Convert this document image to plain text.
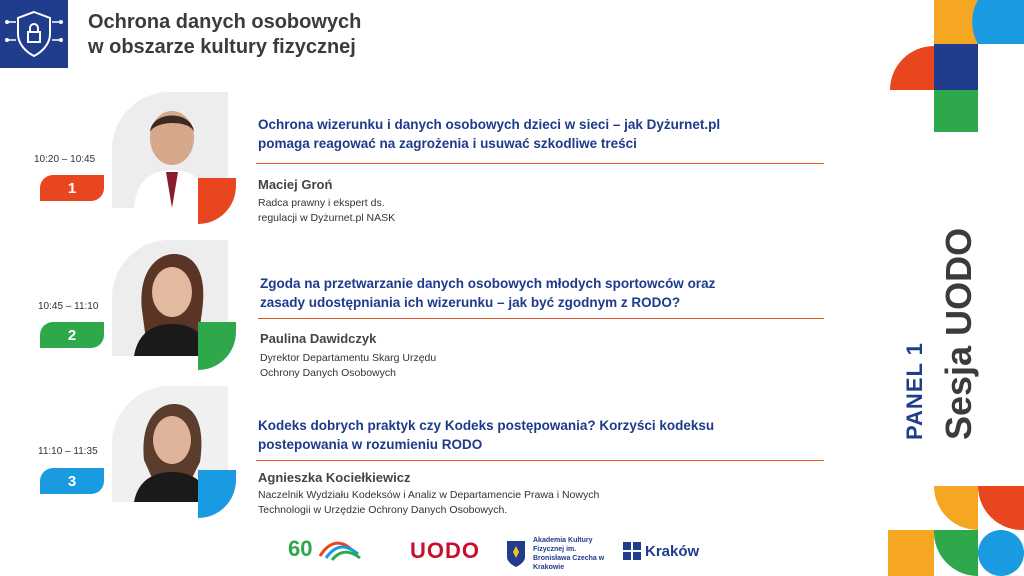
Ochrona danych osobowych
w obszarze kultury fizycznej
PANEL 1 Sesja UODO
10:20 – 10:45
1
Ochrona wizerunku i danych osobowych dzieci w sieci – jak Dyżurnet.pl
pomaga reagować na zagrożenia i usuwać szkodliwe treści
Maciej Groń
Radca prawny i ekspert ds.
regulacji w Dyżurnet.pl NASK
10:45 – 11:10
2
Zgoda na przetwarzanie danych osobowych młodych sportowców oraz
zasady udostępniania ich wizerunku – jak być zgodnym z RODO?
Paulina Dawidczyk
Dyrektor Departamentu Skarg Urzędu
Ochrony Danych Osobowych
11:10 – 11:35
3
Kodeks dobrych praktyk czy Kodeks postępowania? Korzyści kodeksu
postepowania w rozumieniu RODO
Agnieszka Kociełkiewicz
Naczelnik Wydziału Kodeksów i Analiz w Departamencie Prawa i Nowych
Technologii w Urzędzie Ochrony Danych Osobowych.
60	UODO	Akademia Kultury Fizycznej im. Bronisława Czecha w Krakowie
Kraków
